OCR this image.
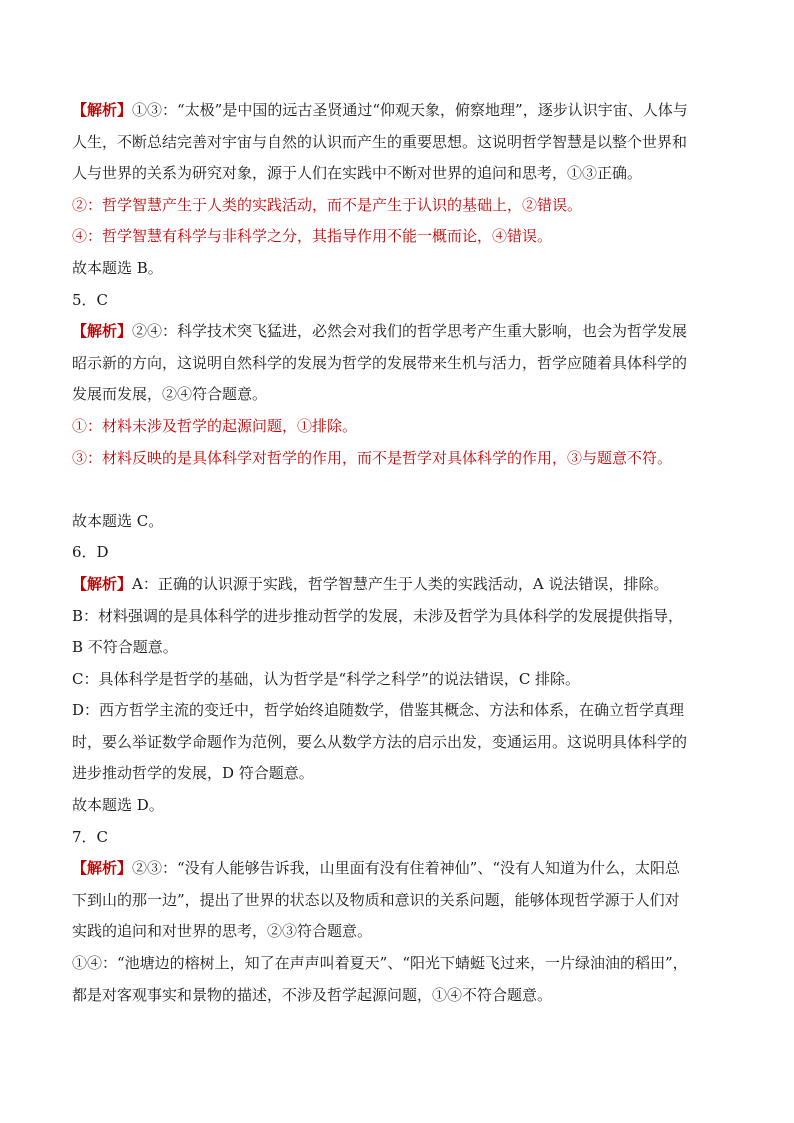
【解析】①③：“太极”是中国的远古圣贤通过“仰观天象，俯察地理”，逐步认识宇宙、人体与
人生，不断总结完善对宇宙与自然的认识而产生的重要思想。这说明哲学智慧是以整个世界和
人与世界的关系为研究对象，源于人们在实践中不断对世界的追问和思考，①③正确。
②：哲学智慧产生于人类的实践活动，而不是产生于认识的基础上，②错误。
④：哲学智慧有科学与非科学之分，其指导作用不能一概而论，④错误。
故本题选 B。
5．C
【解析】②④：科学技术突飞猛进，必然会对我们的哲学思考产生重大影响，也会为哲学发展
昭示新的方向，这说明自然科学的发展为哲学的发展带来生机与活力，哲学应随着具体科学的
发展而发展，②④符合题意。
①：材料未涉及哲学的起源问题，①排除。
③：材料反映的是具体科学对哲学的作用，而不是哲学对具体科学的作用，③与题意不符。
故本题选 C。
6．D
【解析】A：正确的认识源于实践，哲学智慧产生于人类的实践活动，A 说法错误，排除。
B：材料强调的是具体科学的进步推动哲学的发展，未涉及哲学为具体科学的发展提供指导，
B 不符合题意。
C：具体科学是哲学的基础，认为哲学是“科学之科学”的说法错误，C 排除。
D：西方哲学主流的变迁中，哲学始终追随数学，借鉴其概念、方法和体系，在确立哲学真理
时，要么举证数学命题作为范例，要么从数学方法的启示出发，变通运用。这说明具体科学的
进步推动哲学的发展，D 符合题意。
故本题选 D。
7．C
【解析】②③：“没有人能够告诉我，山里面有没有住着神仙”、“没有人知道为什么，太阳总
下到山的那一边”，提出了世界的状态以及物质和意识的关系问题，能够体现哲学源于人们对
实践的追问和对世界的思考，②③符合题意。
①④：“池塘边的榕树上，知了在声声叫着夏天”、“阳光下蜻蜓飞过来，一片绿油油的稻田”，
都是对客观事实和景物的描述，不涉及哲学起源问题，①④不符合题意。
